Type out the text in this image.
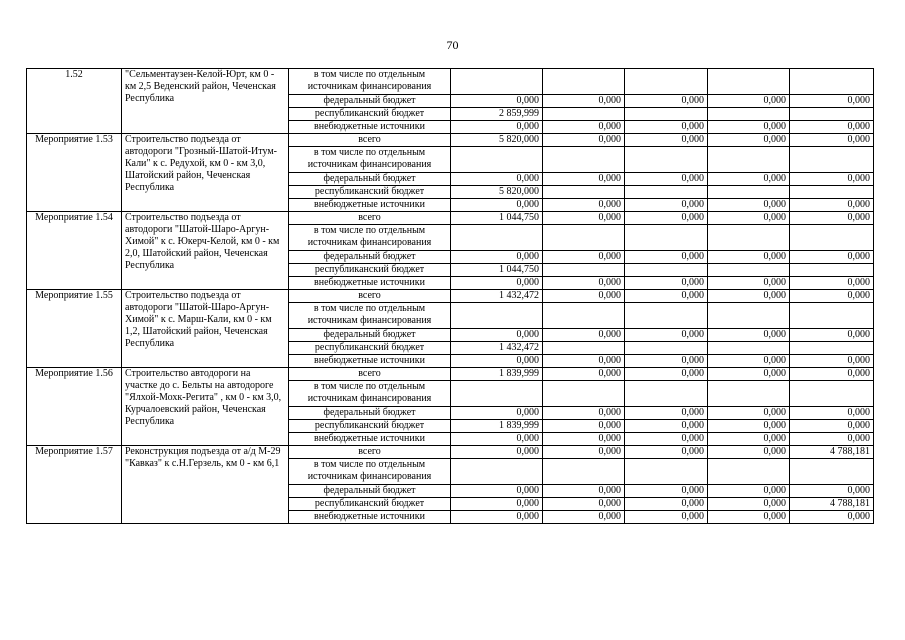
70
1.52	"Сельментаузен-Келой-Юрт, км 0 - км 2,5 Веденский район, Чеченская Республика	в том числе по отдельным источникам финансирования					
		федеральный бюджет	0,000	0,000	0,000	0,000	0,000
		республиканский бюджет	2 859,999				
		внебюджетные источники	0,000	0,000	0,000	0,000	0,000
Мероприятие 1.53	Строительство подъезда от автодороги "Грозный-Шатой-Итум-Кали" к с. Редухой, км 0 - км 3,0, Шатойский район, Чеченская Республика	всего	5 820,000	0,000	0,000	0,000	0,000
		в том числе по отдельным источникам финансирования					
		федеральный бюджет	0,000	0,000	0,000	0,000	0,000
		республиканский бюджет	5 820,000				
		внебюджетные источники	0,000	0,000	0,000	0,000	0,000
Мероприятие 1.54	Строительство подъезда от автодороги "Шатой-Шаро-Аргун-Химой" к с. Юкерч-Келой, км 0 - км 2,0, Шатойский район, Чеченская Республика	всего	1 044,750	0,000	0,000	0,000	0,000
		в том числе по отдельным источникам финансирования					
		федеральный бюджет	0,000	0,000	0,000	0,000	0,000
		республиканский бюджет	1 044,750				
		внебюджетные источники	0,000	0,000	0,000	0,000	0,000
Мероприятие 1.55	Строительство подъезда от автодороги "Шатой-Шаро-Аргун-Химой" к с. Марш-Кали, км 0 - км 1,2, Шатойский район, Чеченская Республика	всего	1 432,472	0,000	0,000	0,000	0,000
		в том числе по отдельным источникам финансирования					
		федеральный бюджет	0,000	0,000	0,000	0,000	0,000
		республиканский бюджет	1 432,472				
		внебюджетные источники	0,000	0,000	0,000	0,000	0,000
Мероприятие 1.56	Строительство автодороги на участке до с. Бельты на автодороге "Ялхой-Мохк-Регита" , км 0 - км 3,0, Курчалоевский район, Чеченская Республика	всего	1 839,999	0,000	0,000	0,000	0,000
		в том числе по отдельным источникам финансирования					
		федеральный бюджет	0,000	0,000	0,000	0,000	0,000
		республиканский бюджет	1 839,999	0,000	0,000	0,000	0,000
		внебюджетные источники	0,000	0,000	0,000	0,000	0,000
Мероприятие 1.57	Реконструкция подъезда от а/д М-29 "Кавказ" к с.Н.Герзель, км 0 - км 6,1	всего	0,000	0,000	0,000	0,000	4 788,181
		в том числе по отдельным источникам финансирования					
		федеральный бюджет	0,000	0,000	0,000	0,000	0,000
		республиканский бюджет	0,000	0,000	0,000	0,000	4 788,181
		внебюджетные источники	0,000	0,000	0,000	0,000	0,000
